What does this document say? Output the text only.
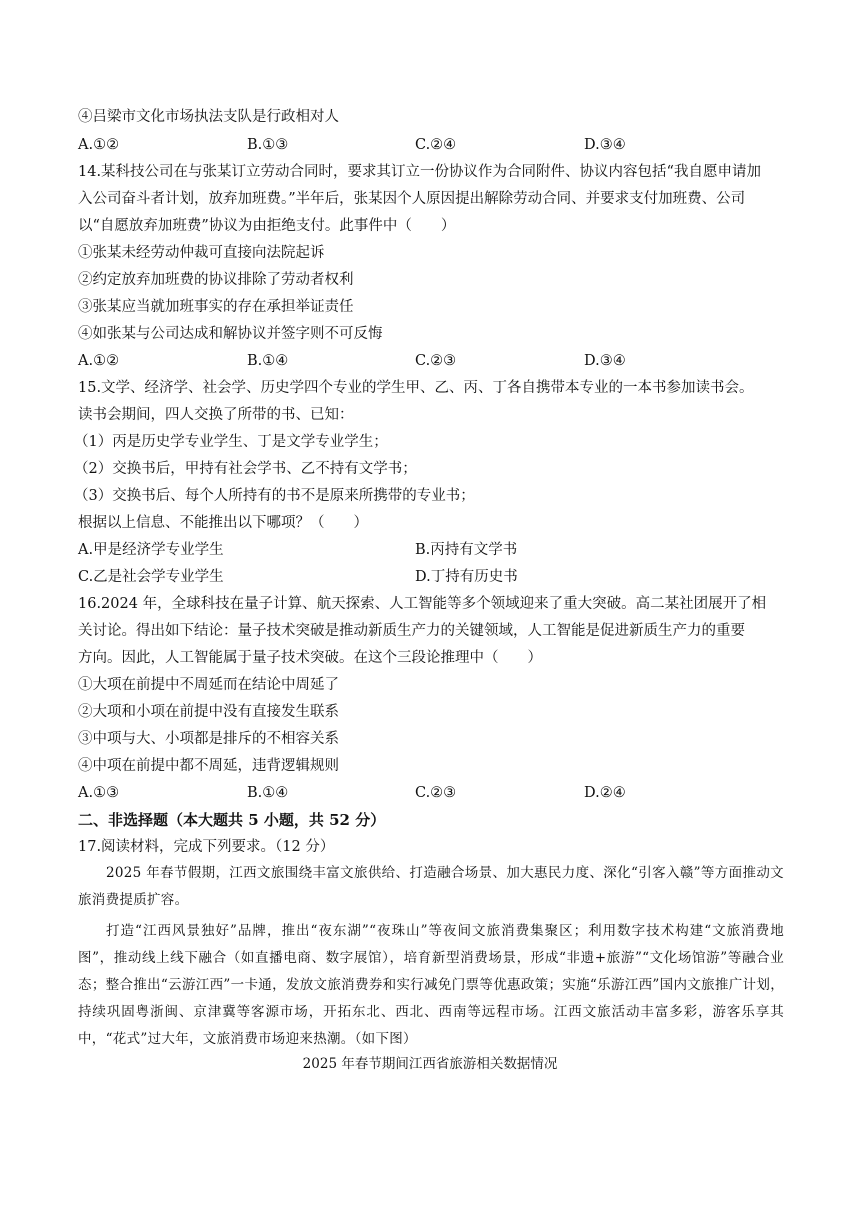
④吕梁市文化市场执法支队是行政相对人
A.①②	B.①③	C.②④	D.③④
14.某科技公司在与张某订立劳动合同时，要求其订立一份协议作为合同附件、协议内容包括“我自愿申请加
入公司奋斗者计划，放弃加班费。”半年后，张某因个人原因提出解除劳动合同、并要求支付加班费、公司
以“自愿放弃加班费”协议为由拒绝支付。此事件中（　　）
①张某未经劳动仲裁可直接向法院起诉
②约定放弃加班费的协议排除了劳动者权利
③张某应当就加班事实的存在承担举证责任
④如张某与公司达成和解协议并签字则不可反悔
A.①②	B.①④	C.②③	D.③④
15.文学、经济学、社会学、历史学四个专业的学生甲、乙、丙、丁各自携带本专业的一本书参加读书会。
读书会期间，四人交换了所带的书、已知：
（1）丙是历史学专业学生、丁是文学专业学生；
（2）交换书后，甲持有社会学书、乙不持有文学书；
（3）交换书后、每个人所持有的书不是原来所携带的专业书；
根据以上信息、不能推出以下哪项？（　　）
A.甲是经济学专业学生	B.丙持有文学书
C.乙是社会学专业学生	D.丁持有历史书
16.2024 年，全球科技在量子计算、航天探索、人工智能等多个领域迎来了重大突破。高二某社团展开了相
关讨论。得出如下结论：量子技术突破是推动新质生产力的关键领域，人工智能是促进新质生产力的重要
方向。因此，人工智能属于量子技术突破。在这个三段论推理中（　　）
①大项在前提中不周延而在结论中周延了
②大项和小项在前提中没有直接发生联系
③中项与大、小项都是排斥的不相容关系
④中项在前提中都不周延，违背逻辑规则
A.①③	B.①④	C.②③	D.②④
二、非选择题（本大题共 5 小题，共 52 分）
17.阅读材料，完成下列要求。（12 分）

2025 年春节假期，江西文旅围绕丰富文旅供给、打造融合场景、加大惠民力度、深化“引客入赣”等方面推动文旅消费提质扩容。

打造“江西风景独好”品牌，推出“夜东湖”“夜珠山”等夜间文旅消费集聚区；利用数字技术构建“文旅消费地图”，推动线上线下融合（如直播电商、数字展馆），培育新型消费场景，形成“非遗+旅游”“文化场馆游”等融合业态；整合推出“云游江西”一卡通，发放文旅消费券和实行减免门票等优惠政策；实施“乐游江西”国内文旅推广计划，持续巩固粤浙闽、京津冀等客源市场，开拓东北、西北、西南等远程市场。江西文旅活动丰富多彩，游客乐享其中，“花式”过大年，文旅消费市场迎来热潮。（如下图）

2025 年春节期间江西省旅游相关数据情况
